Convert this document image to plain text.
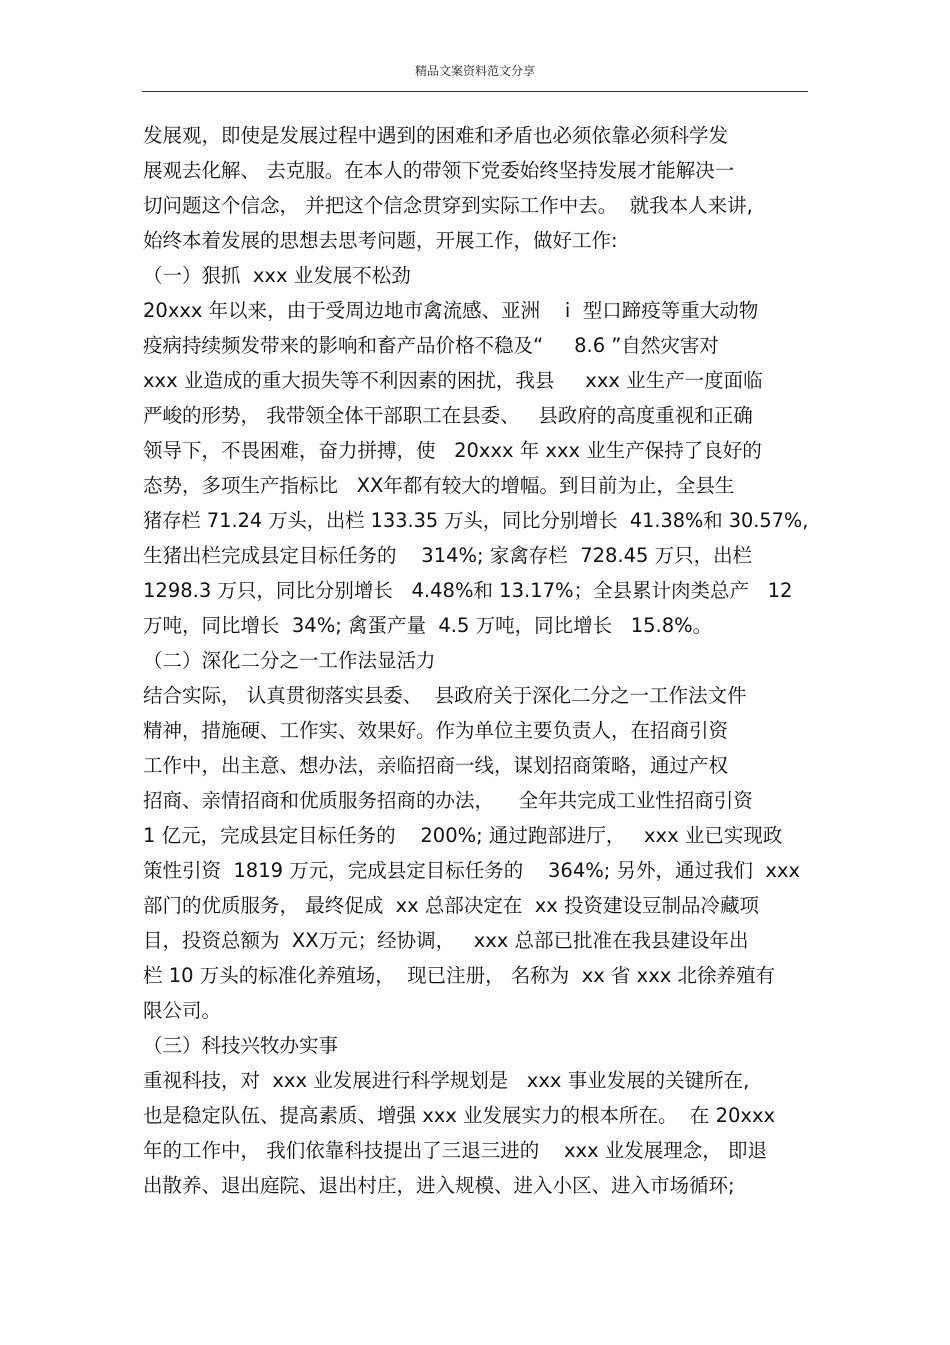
精品文案资料范文分享
发展观，即使是发展过程中遇到的困难和矛盾也必须依靠必须科学发
展观去化解、 去克服。在本人的带领下党委始终坚持发展才能解决一
切问题这个信念， 并把这个信念贯穿到实际工作中去。  就我本人来讲,
始终本着发展的思想去思考问题，开展工作，做好工作:
（一）狠抓  xxx 业发展不松劲
20xxx 年以来，由于受周边地市禽流感、亚洲    i  型口蹄疫等重大动物
疫病持续频发带来的影响和畜产品价格不稳及“     8.6 ”自然灾害对
xxx 业造成的重大损失等不利因素的困扰，我县     xxx 业生产一度面临
严峻的形势， 我带领全体干部职工在县委、   县政府的高度重视和正确
领导下，不畏困难，奋力拼搏，使   20xxx 年 xxx 业生产保持了良好的
态势，多项生产指标比   XX年都有较大的增幅。到目前为止，全县生
猪存栏 71.24 万头，出栏 133.35 万头，同比分别增长  41.38%和 30.57%,
生猪出栏完成县定目标任务的    314%; 家禽存栏  728.45 万只，出栏
1298.3 万只，同比分别增长   4.48%和 13.17%；全县累计肉类总产   12
万吨，同比增长  34%; 禽蛋产量  4.5 万吨，同比增长   15.8%。
（二）深化二分之一工作法显活力
结合实际， 认真贯彻落实县委、  县政府关于深化二分之一工作法文件
精神，措施硬、工作实、效果好。作为单位主要负责人，在招商引资
工作中，出主意、想办法，亲临招商一线，谋划招商策略，通过产权
招商、亲情招商和优质服务招商的办法，    全年共完成工业性招商引资
1 亿元，完成县定目标任务的    200%; 通过跑部进厅，   xxx 业已实现政
策性引资  1819 万元，完成县定目标任务的    364%; 另外，通过我们  xxx
部门的优质服务， 最终促成  xx 总部决定在  xx 投资建设豆制品冷藏项
目，投资总额为  XX万元；经协调，   xxx 总部已批准在我县建设年出
栏 10 万头的标准化养殖场，  现已注册， 名称为  xx 省 xxx 北徐养殖有
限公司。
（三）科技兴牧办实事
重视科技，对  xxx 业发展进行科学规划是   xxx 事业发展的关键所在,
也是稳定队伍、提高素质、增强 xxx 业发展实力的根本所在。  在 20xxx
年的工作中， 我们依靠科技提出了三退三进的    xxx 业发展理念， 即退
出散养、退出庭院、退出村庄，进入规模、进入小区、进入市场循环;
